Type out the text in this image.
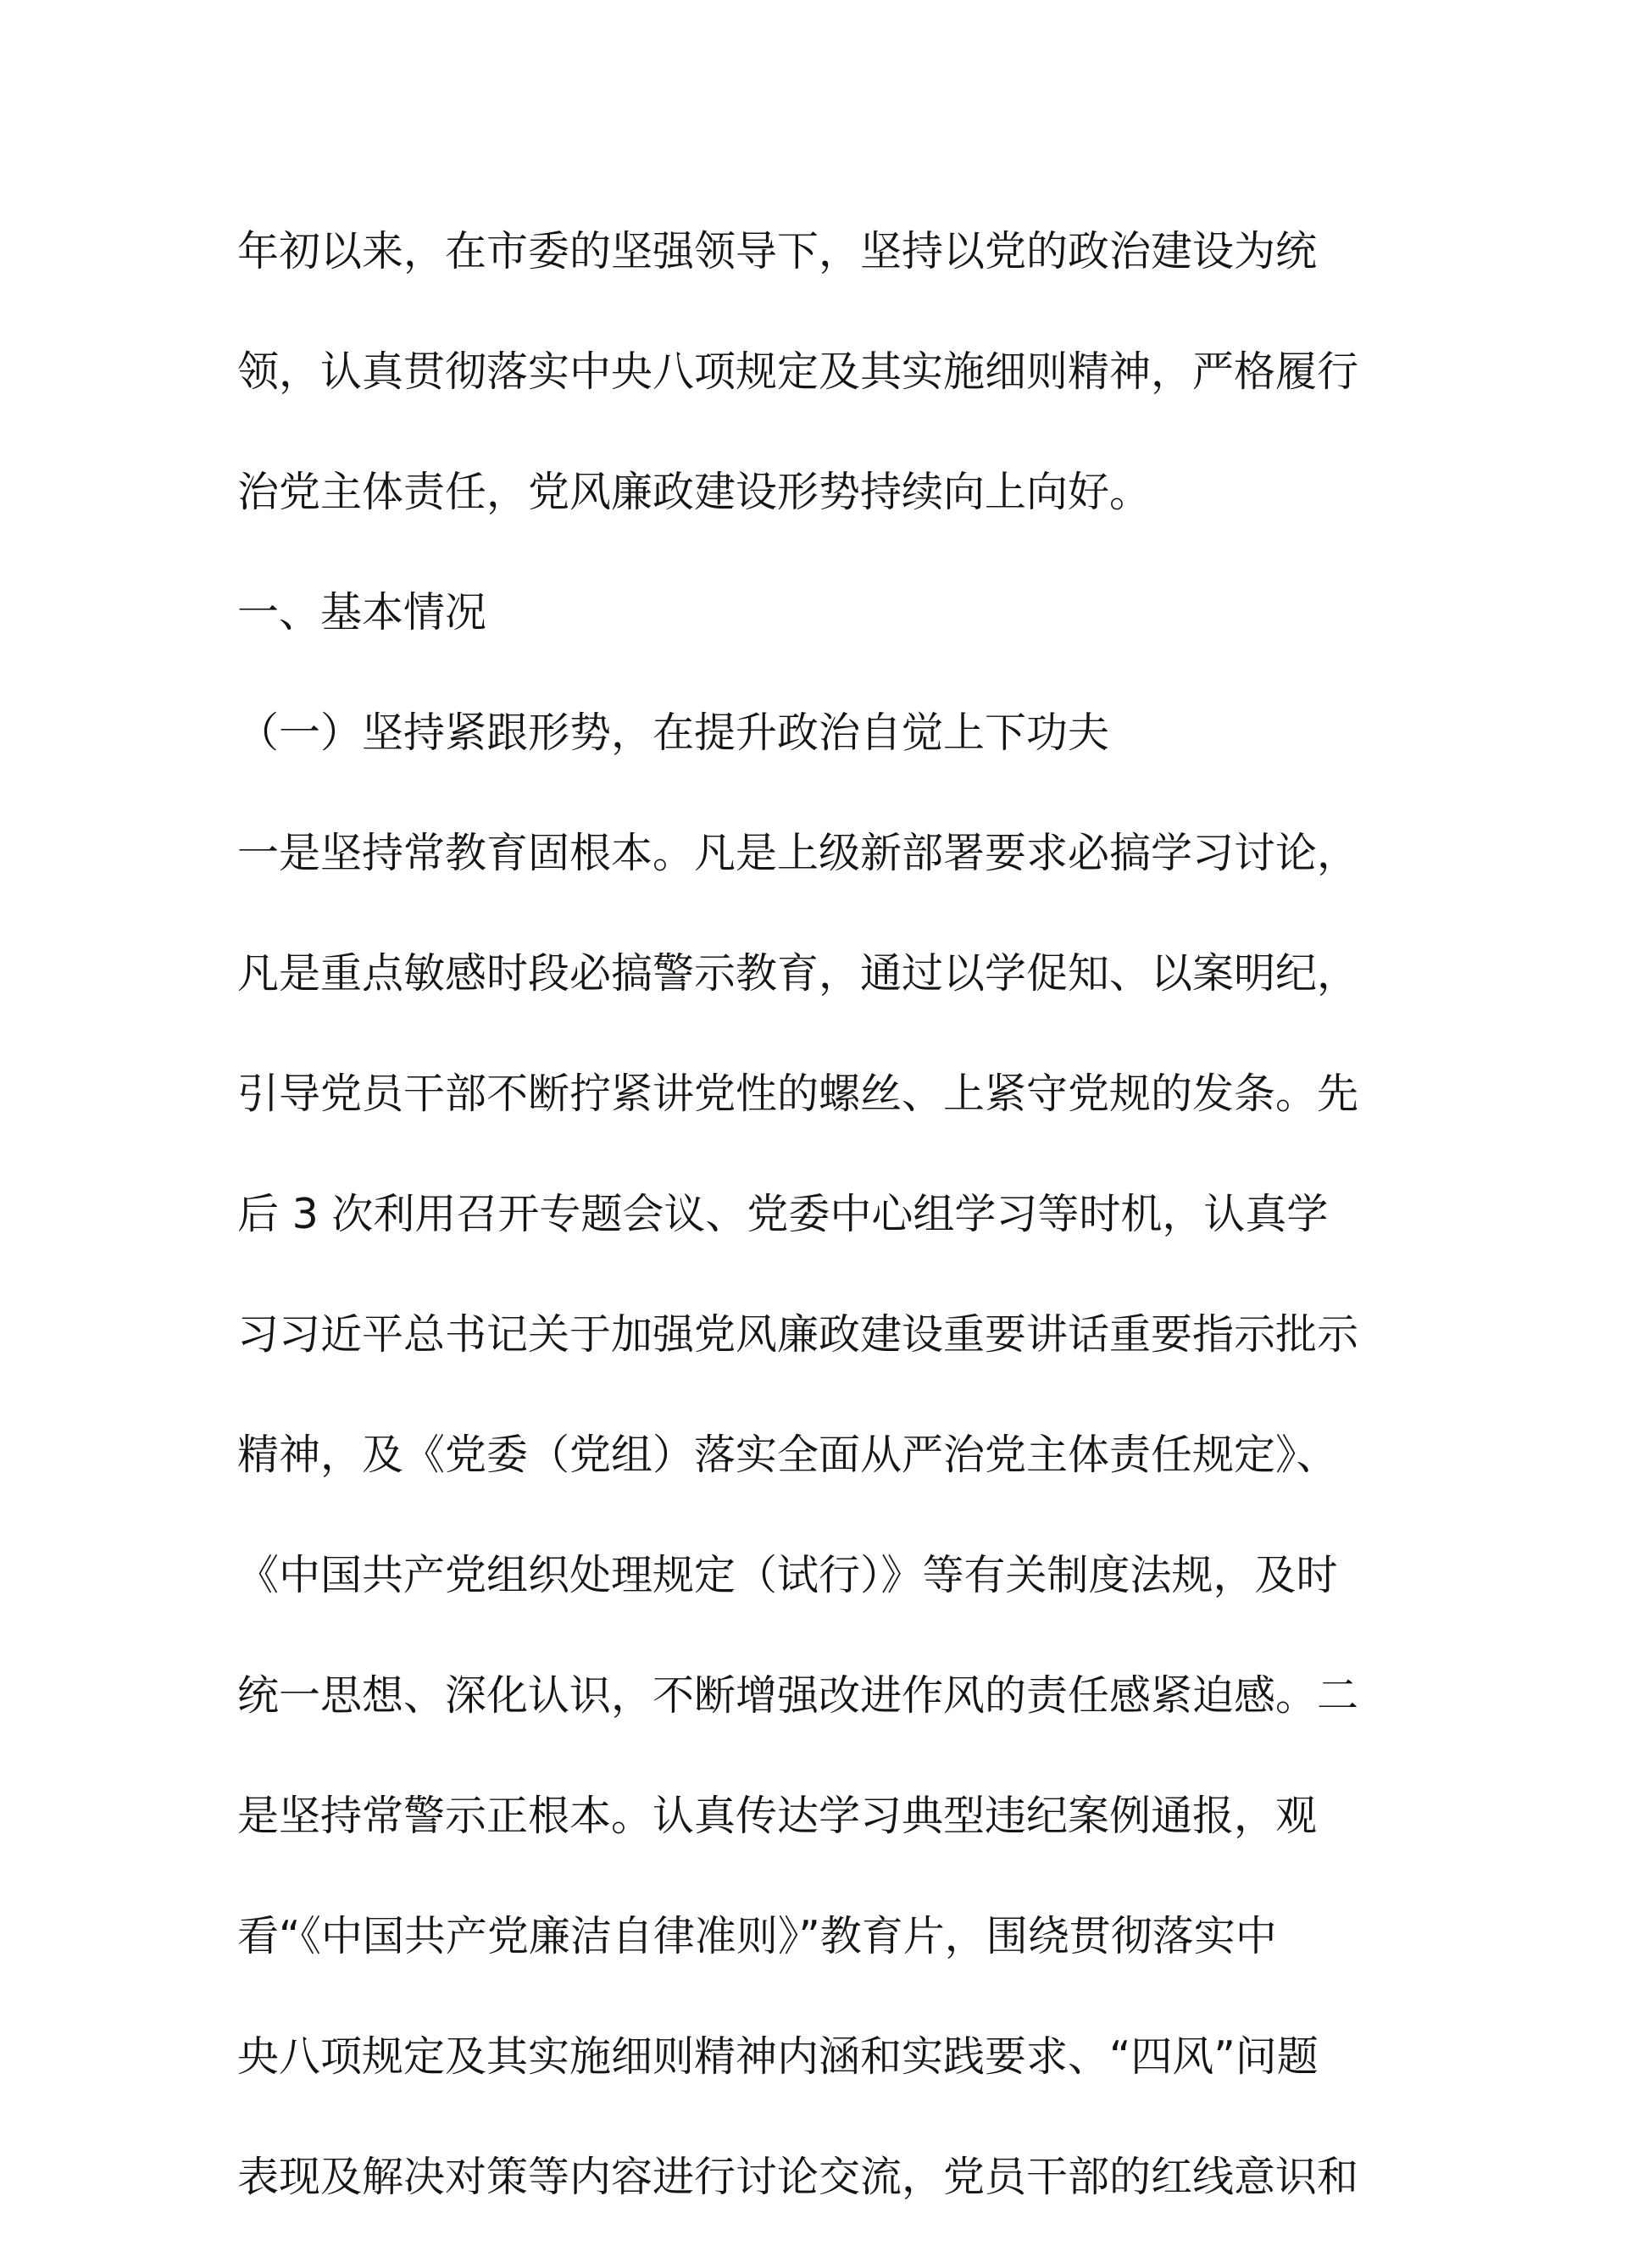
年初以来，在市委的坚强领导下，坚持以党的政治建设为统
领，认真贯彻落实中央八项规定及其实施细则精神，严格履行
治党主体责任，党风廉政建设形势持续向上向好。
一、基本情况
（一）坚持紧跟形势，在提升政治自觉上下功夫
一是坚持常教育固根本。凡是上级新部署要求必搞学习讨论，
凡是重点敏感时段必搞警示教育，通过以学促知、以案明纪，
引导党员干部不断拧紧讲党性的螺丝、上紧守党规的发条。先
后 3 次利用召开专题会议、党委中心组学习等时机，认真学
习习近平总书记关于加强党风廉政建设重要讲话重要指示批示
精神，及《党委（党组）落实全面从严治党主体责任规定》、
《中国共产党组织处理规定（试行）》等有关制度法规，及时
统一思想、深化认识，不断增强改进作风的责任感紧迫感。二
是坚持常警示正根本。认真传达学习典型违纪案例通报，观
看“《中国共产党廉洁自律准则》”教育片，围绕贯彻落实中
央八项规定及其实施细则精神内涵和实践要求、“四风”问题
表现及解决对策等内容进行讨论交流，党员干部的红线意识和
